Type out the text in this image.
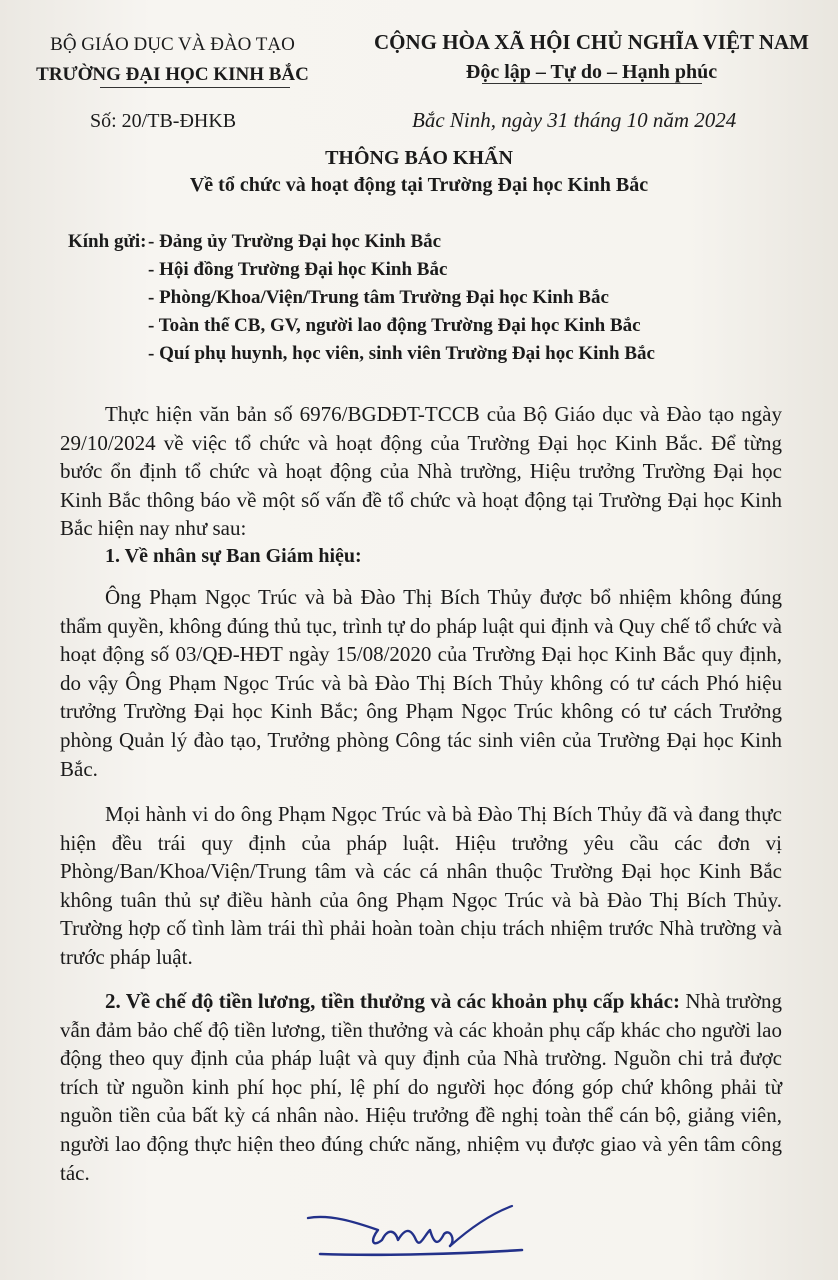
BỘ GIÁO DỤC VÀ ĐÀO TẠO
TRƯỜNG ĐẠI HỌC KINH BẮC
CỘNG HÒA XÃ HỘI CHỦ NGHĨA VIỆT NAM
Độc lập – Tự do – Hạnh phúc
Số: 20/TB-ĐHKB	Bắc Ninh, ngày 31 tháng 10 năm 2024
THÔNG BÁO KHẨN
Về tổ chức và hoạt động tại Trường Đại học Kinh Bắc
Kính gửi: - Đảng ủy Trường Đại học Kinh Bắc
- Hội đồng Trường Đại học Kinh Bắc
- Phòng/Khoa/Viện/Trung tâm Trường Đại học Kinh Bắc
- Toàn thể CB, GV, người lao động Trường Đại học Kinh Bắc
- Quí phụ huynh, học viên, sinh viên Trường Đại học Kinh Bắc

Thực hiện văn bản số 6976/BGDĐT-TCCB của Bộ Giáo dục và Đào tạo ngày 29/10/2024 về việc tổ chức và hoạt động của Trường Đại học Kinh Bắc. Để từng bước ổn định tổ chức và hoạt động của Nhà trường, Hiệu trưởng Trường Đại học Kinh Bắc thông báo về một số vấn đề tổ chức và hoạt động tại Trường Đại học Kinh Bắc hiện nay như sau:

1. Về nhân sự Ban Giám hiệu:

Ông Phạm Ngọc Trúc và bà Đào Thị Bích Thủy được bổ nhiệm không đúng thẩm quyền, không đúng thủ tục, trình tự do pháp luật qui định và Quy chế tổ chức và hoạt động số 03/QĐ-HĐT ngày 15/08/2020 của Trường Đại học Kinh Bắc quy định, do vậy Ông Phạm Ngọc Trúc và bà Đào Thị Bích Thủy không có tư cách Phó hiệu trưởng Trường Đại học Kinh Bắc; ông Phạm Ngọc Trúc không có tư cách Trưởng phòng Quản lý đào tạo, Trưởng phòng Công tác sinh viên của Trường Đại học Kinh Bắc.

Mọi hành vi do ông Phạm Ngọc Trúc và bà Đào Thị Bích Thủy đã và đang thực hiện đều trái quy định của pháp luật. Hiệu trưởng yêu cầu các đơn vị Phòng/Ban/Khoa/Viện/Trung tâm và các cá nhân thuộc Trường Đại học Kinh Bắc không tuân thủ sự điều hành của ông Phạm Ngọc Trúc và bà Đào Thị Bích Thủy. Trường hợp cố tình làm trái thì phải hoàn toàn chịu trách nhiệm trước Nhà trường và trước pháp luật.

2. Về chế độ tiền lương, tiền thưởng và các khoản phụ cấp khác: Nhà trường vẫn đảm bảo chế độ tiền lương, tiền thưởng và các khoản phụ cấp khác cho người lao động theo quy định của pháp luật và quy định của Nhà trường. Nguồn chi trả được trích từ nguồn kinh phí học phí, lệ phí do người học đóng góp chứ không phải từ nguồn tiền của bất kỳ cá nhân nào. Hiệu trưởng đề nghị toàn thể cán bộ, giảng viên, người lao động thực hiện theo đúng chức năng, nhiệm vụ được giao và yên tâm công tác.
